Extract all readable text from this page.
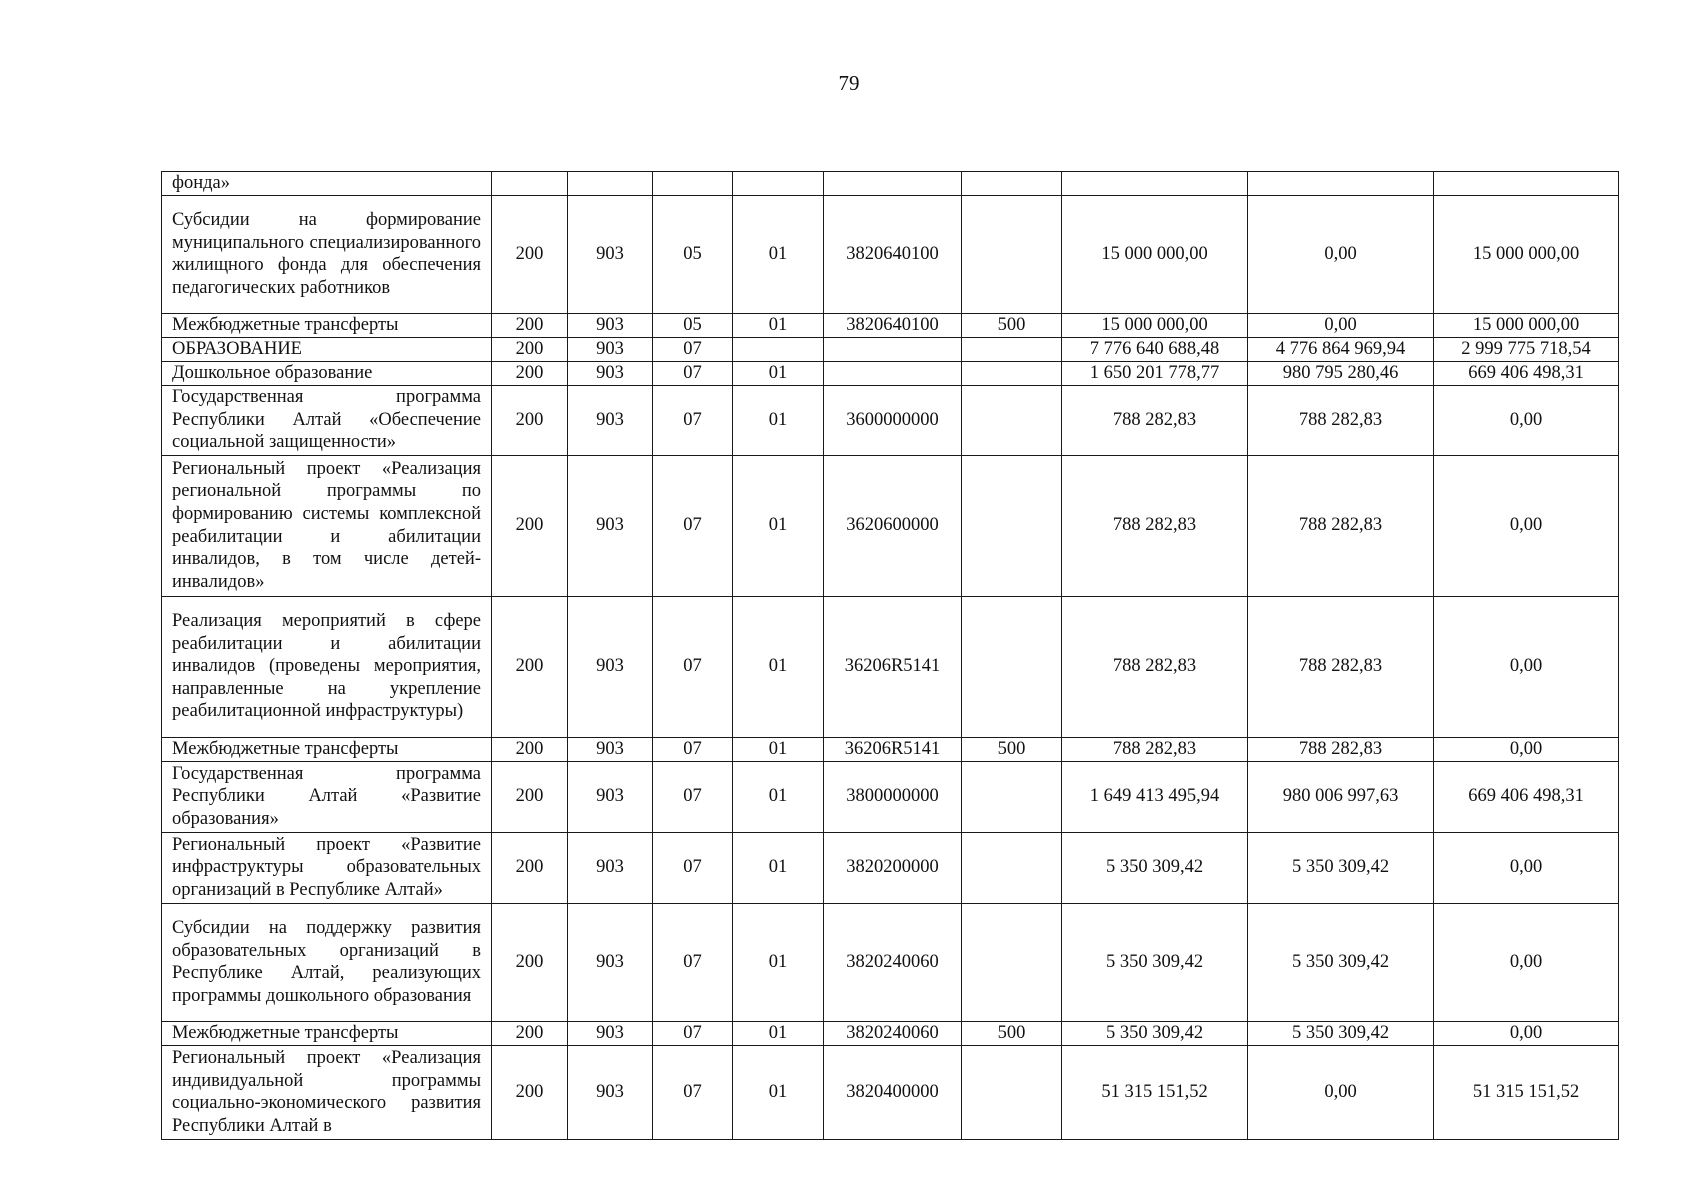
79
фонда»									
Субсидии на формирование муниципального специализированного жилищного фонда для обеспечения педагогических работников	200	903	05	01	3820640100		15 000 000,00	0,00	15 000 000,00
Межбюджетные трансферты	200	903	05	01	3820640100	500	15 000 000,00	0,00	15 000 000,00
ОБРАЗОВАНИЕ	200	903	07				7 776 640 688,48	4 776 864 969,94	2 999 775 718,54
Дошкольное образование	200	903	07	01			1 650 201 778,77	980 795 280,46	669 406 498,31
Государственная программа Республики Алтай «Обеспечение социальной защищенности»	200	903	07	01	3600000000		788 282,83	788 282,83	0,00
Региональный проект «Реализация региональной программы по формированию системы комплексной реабилитации и абилитации инвалидов, в том числе детей-инвалидов»	200	903	07	01	3620600000		788 282,83	788 282,83	0,00
Реализация мероприятий в сфере реабилитации и абилитации инвалидов (проведены мероприятия, направленные на укрепление реабилитационной инфраструктуры)	200	903	07	01	36206R5141		788 282,83	788 282,83	0,00
Межбюджетные трансферты	200	903	07	01	36206R5141	500	788 282,83	788 282,83	0,00
Государственная программа Республики Алтай «Развитие образования»	200	903	07	01	3800000000		1 649 413 495,94	980 006 997,63	669 406 498,31
Региональный проект «Развитие инфраструктуры образовательных организаций в Республике Алтай»	200	903	07	01	3820200000		5 350 309,42	5 350 309,42	0,00
Субсидии на поддержку развития образовательных организаций в Республике Алтай, реализующих программы дошкольного образования	200	903	07	01	3820240060		5 350 309,42	5 350 309,42	0,00
Межбюджетные трансферты	200	903	07	01	3820240060	500	5 350 309,42	5 350 309,42	0,00
Региональный проект «Реализация индивидуальной программы социально-экономического развития Республики Алтай в	200	903	07	01	3820400000		51 315 151,52	0,00	51 315 151,52
